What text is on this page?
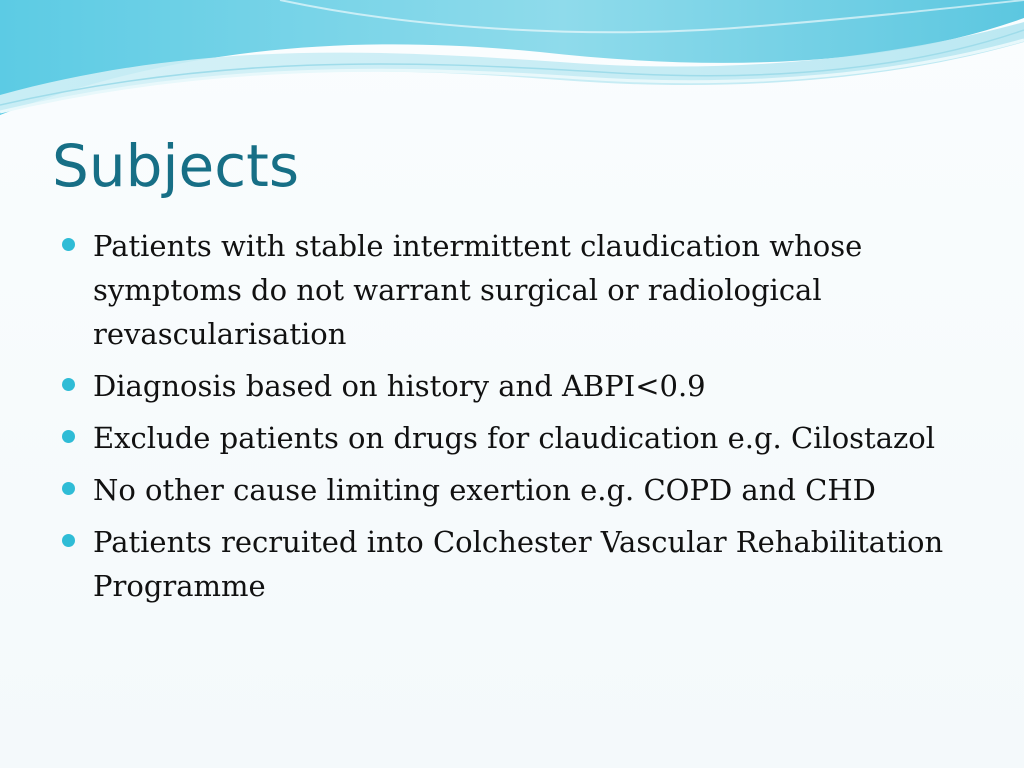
Subjects
Patients with stable intermittent claudication whose symptoms do not warrant surgical or radiological revascularisation
Diagnosis based on history and ABPI<0.9
Exclude patients on drugs for claudication e.g. Cilostazol
No other cause limiting exertion e.g. COPD and CHD
Patients recruited into Colchester Vascular Rehabilitation Programme
